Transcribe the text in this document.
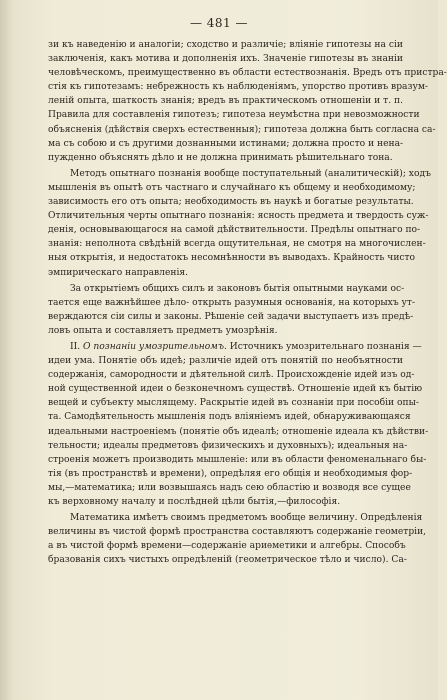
— 481 —

зи къ наведенію и аналогіи; сходство и различіе; вліяніе гипотезы на сіи
заключенія, какъ мотива и дополненія ихъ. Значеніе гипотезы въ знаніи
человѣческомъ, преимущественно въ области естествознанія. Вредъ отъ пристра-
стія къ гипотезамъ: небрежность къ наблюденіямъ, упорство противъ вразум-
леній опыта, шаткость знанія; вредъ въ практическомъ отношеніи и т. п.
Правила для составленія гипотезъ; гипотеза неумѣстна при невозможности
объясненія (дѣйствія сверхъ естественныя); гипотеза должна быть согласна са-
ма съ собою и съ другими дознанными истинами; должна просто и нена-
пужденно объяснять дѣло и не должна принимать рѣшительнаго тона.

Методъ опытнаго познанія вообще поступательный (аналитическій); ходъ
мышленія въ опытѣ отъ частнаго и случайнаго къ общему и необходимому;
зависимость его отъ опыта; необходимость въ наукѣ и богатые результаты.
Отличительныя черты опытнаго познанія: ясность предмета и твердость суж-
денія, основывающагося на самой дѣйствительности. Предѣлы опытнаго по-
знанія: неполнота свѣдѣній всегда ощутительная, не смотря на многочислен-
ныя открытія, и недостатокъ несомнѣнности въ выводахъ. Крайность чисто
эмпирическаго направленія.

За открытіемъ общихъ силъ и законовъ бытія опытными науками ос-
тается еще важнѣйшее дѣло- открыть разумныя основанія, на которыхъ ут-
верждаются сіи силы и законы. Рѣшеніе сей задачи выступаетъ изъ предѣ-
ловъ опыта и составляетъ предметъ умозрѣнія.

II. О познаніи умозрительномъ. Источникъ умозрительнаго познанія —
идеи ума. Понятіе объ идеѣ; различіе идей отъ понятій по необъятности
содержанія, самородности и дѣятельной силѣ. Происхожденіе идей изъ од-
ной существенной идеи о безконечномъ существѣ. Отношеніе идей къ бытію
вещей и субъекту мыслящему. Раскрытіе идей въ сознаніи при пособіи опы-
та. Самодѣятельность мышленія подъ вліяніемъ идей, обнаруживающаяся
идеальными настроеніемъ (понятіе объ идеалѣ; отношеніе идеала къ дѣйстви-
тельности; идеалы предметовъ физическихъ и духовныхъ); идеальныя на-
строенія можетъ производить мышленіе: или въ области феноменальнаго бы-
тія (въ пространствѣ и времени), опредѣляя его общія и необходимыя фор-
мы,—математика; или возвышаясь надъ сею областію и возводя все сущее
къ верховному началу и послѣдней цѣли бытія,—философія.

Математика имѣетъ своимъ предметомъ вообще величину. Опредѣленія
величины въ чистой формѣ пространства составляютъ содержаніе геометріи,
а въ чистой формѣ времени—содержаніе ариѳметики и алгебры. Способъ
бразованія сихъ чистыхъ опредѣленій (геометрическое тѣло и число). Са-
